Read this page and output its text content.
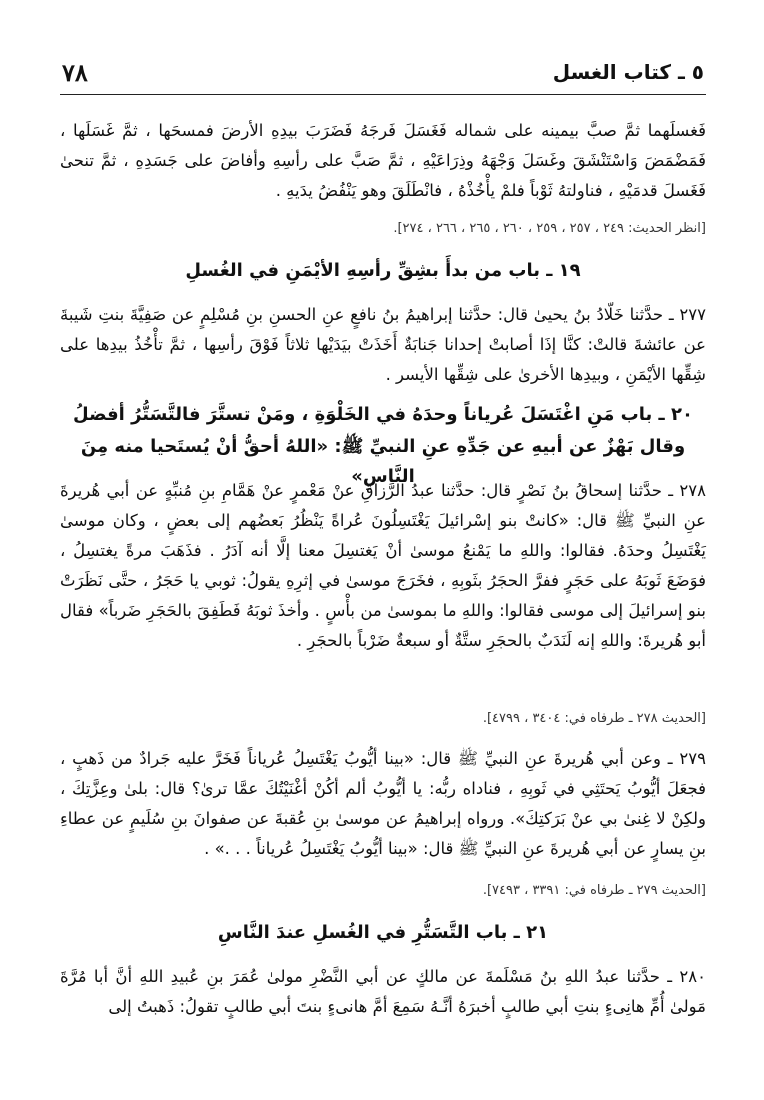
٧٨	٥ ـ كتاب الغسل
فَغسلَهما ثمَّ صبَّ بيمينه على شماله فَغَسَلَ فَرجَهُ فَضَرَبَ بيدِهِ الأرضَ فمسحَها ، ثمَّ غَسَلَها ، فَمَضْمَضَ وَاسْتَنْشَقَ وغَسَلَ وَجْهَهُ وذِرَاعَيْهِ ، ثمَّ صَبَّ على رأسِهِ وأفاضَ على جَسَدِهِ ، ثمَّ تنحىٰ فَغَسلَ قدمَيْهِ ، فناولتهُ ثَوْباً فلمْ يأْخُذْهُ ، فانْطَلَقَ وهو يَنْفُضُ يدَيهِ .
[انظر الحديث: ٢٤٩ ، ٢٥٧ ، ٢٥٩ ، ٢٦٠ ، ٢٦٥ ، ٢٦٦ ، ٢٧٤].
١٩ ـ باب من بدأَ بشِقِّ رأسِهِ الأيْمَنِ في الغُسلِ
٢٧٧ ـ حدَّثنا خَلّادُ بنُ يحيىٰ قال: حدَّثنا إبراهيمُ بنُ نافعٍ عنِ الحسنِ بنِ مُسْلِمٍ عن صَفِيَّةَ بنتِ شَيبةَ عن عائشةَ قالتْ: كنَّا إذَا أصابتْ إحدانا جَنابَةٌ أَخَذَتْ بيَدَيْها ثلاثاً فَوْقَ رأسِها ، ثمَّ تأْخُذُ بيدِها على شِقِّها الأيْمَنِ ، وبيدِها الأخرىٰ على شِقِّها الأيسر .
٢٠ ـ باب مَنِ اغْتَسَلَ عُرياناً وحدَهُ في الخَلْوَةِ ، ومَنْ تستَّرَ فالتَّسَتُّرُ أفضلُ
وقال بَهْزٌ عن أبيهِ عن جَدِّهِ عنِ النبيِّ ﷺ: «اللهُ أحقُّ أنْ يُستَحيا منه مِنَ النَّاسِ»
٢٧٨ ـ حدَّثنا إسحاقُ بنُ نَصْرٍ قال: حدَّثنا عبدُ الرَّزاقِ عنْ مَعْمرٍ عنْ هَمَّامِ بنِ مُنبِّهٍ عن أبي هُريرةَ عنِ النبيِّ ﷺ قال: «كانتْ بنو إسْرائيلَ يَغْتَسِلُونَ عُراةً يَنْظُرُ بَعضُهم إلى بعضٍ ، وكان موسىٰ يَغْتَسِلُ وحدَهُ. فقالوا: واللهِ ما يَمْنعُ موسىٰ أنْ يَغتسِلَ معنا إلَّا أنه آدَرُ . فذَهَبَ مرةً يغتسِلُ ، فوَضَعَ ثَوبَهُ على حَجَرٍ ففرَّ الحجَرُ بثَوبِهِ ، فخَرَجَ موسىٰ في إثرِهِ يقولُ: ثوبي يا حَجَرُ ، حتَّى نَظَرَتْ بنو إسرائيلَ إلى موسى فقالوا: واللهِ ما بموسىٰ من بأْسٍ . وأخذَ ثوبَهُ فَطَفِقَ بالحَجَرِ ضَرباً» فقال أبو هُريرةَ: واللهِ إنه لَنَدَبٌ بالحجَرِ ستَّةٌ أو سبعةٌ ضَرْباً بالحجَرِ .
[الحديث ٢٧٨ ـ طرفاه في: ٣٤٠٤ ، ٤٧٩٩].
٢٧٩ ـ وعن أبي هُريرةَ عنِ النبيِّ ﷺ قال: «بينا أيُّوبُ يَغْتَسِلُ عُرياناً فَخَرَّ عليه جَرادٌ من ذَهبٍ ، فجعَلَ أيُّوبُ يَحتَثِي في ثَوبِهِ ، فناداه ربُّه: يا أيُّوبُ ألم أكُنْ أغْنَيْتُكَ عمَّا ترىٰ؟ قال: بلىٰ وعِزَّتِكَ ، ولكِنْ لا غِنىٰ بي عنْ بَرَكتِكَ». ورواه إبراهيمُ عن موسىٰ بنِ عُقبةَ عن صفوانَ بنِ سُلَيمٍ عن عطاءِ بنِ يسارٍ عن أبي هُريرةَ عنِ النبيِّ ﷺ قال: «بينا أيُّوبُ يَغْتَسِلُ عُرياناً . . .» .
[الحديث ٢٧٩ ـ طرفاه في: ٣٣٩١ ، ٧٤٩٣].
٢١ ـ باب التَّسَتُّرِ في الغُسلِ عندَ النَّاسِ
٢٨٠ ـ حدَّثنا عبدُ اللهِ بنُ مَسْلَمةَ عن مالكٍ عن أبي النَّضْرِ مولىٰ عُمَرَ بنِ عُبيدِ اللهِ أنَّ أبا مُرَّةَ مَولىٰ أُمِّ هانِىءٍ بنتِ أبي طالبٍ أخبرَهُ أنَّـهُ سَمِعَ أمَّ هانىءٍ بنتَ أبي طالبٍ تقولُ: ذَهبتُ إلى
